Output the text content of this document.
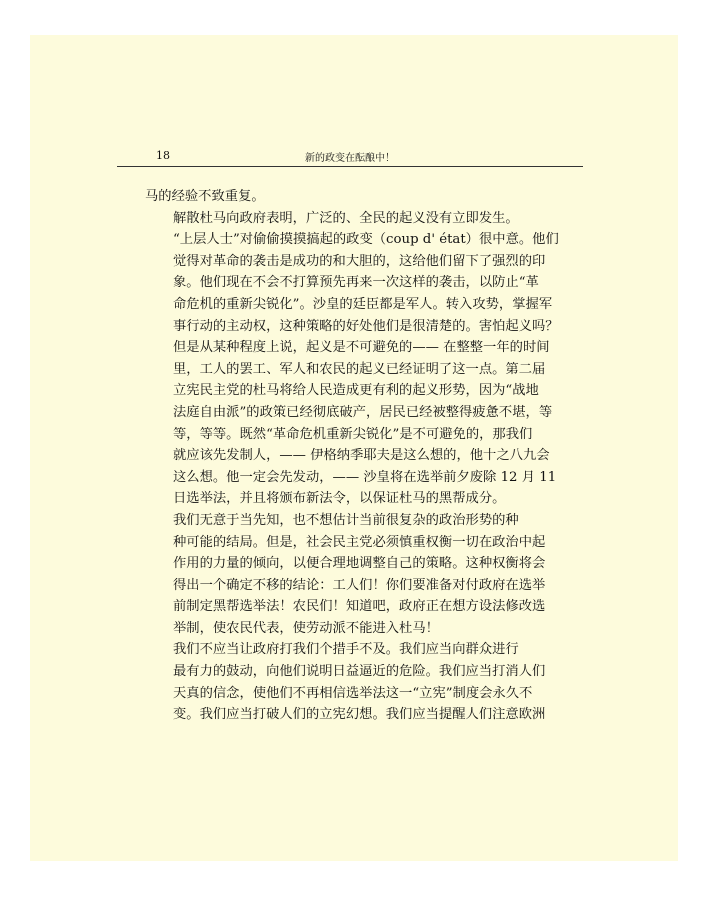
18	新的政变在酝酿中！

马的经验不致重复。

解散杜马向政府表明，广泛的、全民的起义没有立即发生。
“上层人士”对偷偷摸摸搞起的政变（coup d' état）很中意。他们
觉得对革命的袭击是成功的和大胆的，这给他们留下了强烈的印
象。他们现在不会不打算预先再来一次这样的袭击，以防止“革
命危机的重新尖锐化”。沙皇的廷臣都是军人。转入攻势，掌握军
事行动的主动权，这种策略的好处他们是很清楚的。害怕起义吗？
但是从某种程度上说，起义是不可避免的—— 在整整一年的时间
里，工人的罢工、军人和农民的起义已经证明了这一点。第二届
立宪民主党的杜马将给人民造成更有利的起义形势，因为“战地
法庭自由派”的政策已经彻底破产，居民已经被整得疲惫不堪，等
等，等等。既然“革命危机重新尖锐化”是不可避免的，那我们
就应该先发制人，—— 伊格纳季耶夫是这么想的，他十之八九会
这么想。他一定会先发动，—— 沙皇将在选举前夕废除 12 月 11
日选举法，并且将颁布新法令，以保证杜马的黑帮成分。

我们无意于当先知，也不想估计当前很复杂的政治形势的种
种可能的结局。但是，社会民主党必须慎重权衡一切在政治中起
作用的力量的倾向，以便合理地调整自己的策略。这种权衡将会
得出一个确定不移的结论：工人们！你们要准备对付政府在选举
前制定黑帮选举法！农民们！知道吧，政府正在想方设法修改选
举制，使农民代表，使劳动派不能进入杜马！

我们不应当让政府打我们个措手不及。我们应当向群众进行
最有力的鼓动，向他们说明日益逼近的危险。我们应当打消人们
天真的信念，使他们不再相信选举法这一“立宪”制度会永久不
变。我们应当打破人们的立宪幻想。我们应当提醒人们注意欧洲
